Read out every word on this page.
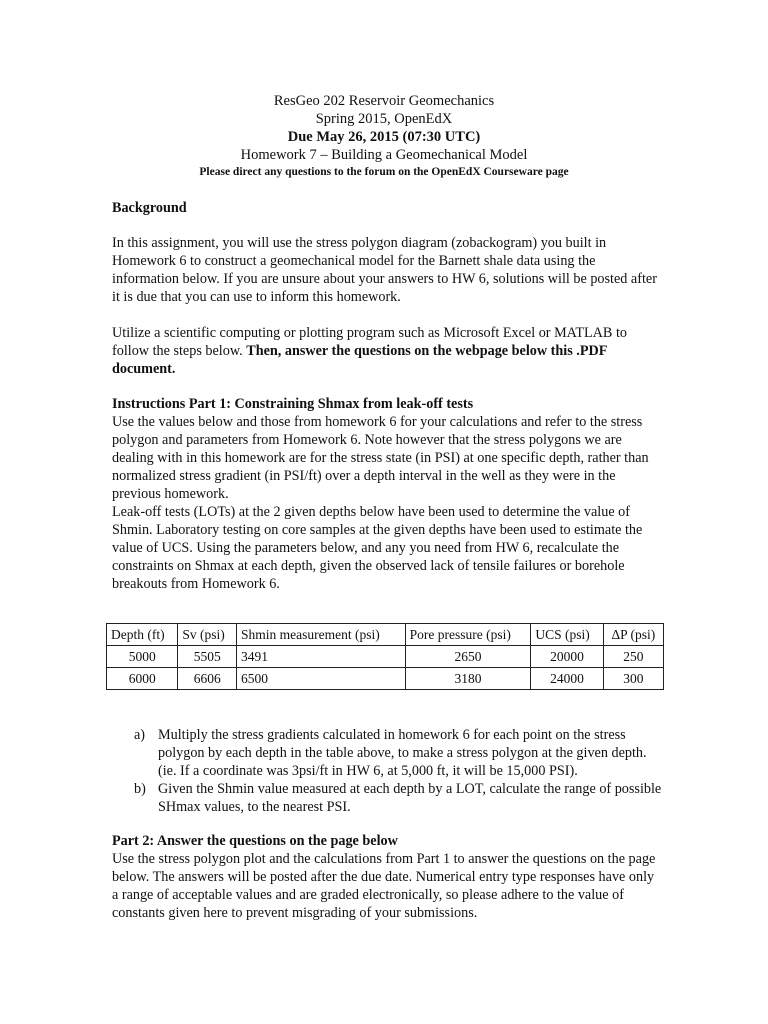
ResGeo 202 Reservoir Geomechanics
Spring 2015, OpenEdX
Due May 26, 2015 (07:30 UTC)
Homework 7 – Building a Geomechanical Model
Please direct any questions to the forum on the OpenEdX Courseware page

Background

In this assignment, you will use the stress polygon diagram (zobackogram) you built in Homework 6 to construct a geomechanical model for the Barnett shale data using the information below. If you are unsure about your answers to HW 6, solutions will be posted after it is due that you can use to inform this homework.

Utilize a scientific computing or plotting program such as Microsoft Excel or MATLAB to follow the steps below. Then, answer the questions on the webpage below this .PDF document.

Instructions Part 1: Constraining Shmax from leak-off tests

Use the values below and those from homework 6 for your calculations and refer to the stress polygon and parameters from Homework 6. Note however that the stress polygons we are dealing with in this homework are for the stress state (in PSI) at one specific depth, rather than normalized stress gradient (in PSI/ft) over a depth interval in the well as they were in the previous homework.

Leak-off tests (LOTs) at the 2 given depths below have been used to determine the value of Shmin. Laboratory testing on core samples at the given depths have been used to estimate the value of UCS. Using the parameters below, and any you need from HW 6, recalculate the constraints on Shmax at each depth, given the observed lack of tensile failures or borehole breakouts from Homework 6.

Depth (ft)	Sv (psi)	Shmin measurement (psi)	Pore pressure (psi)	UCS (psi)	ΔP (psi)
5000	5505	3491	2650	20000	250
6000	6606	6500	3180	24000	300
a) Multiply the stress gradients calculated in homework 6 for each point on the stress polygon by each depth in the table above, to make a stress polygon at the given depth. (ie. If a coordinate was 3psi/ft in HW 6, at 5,000 ft, it will be 15,000 PSI).
b) Given the Shmin value measured at each depth by a LOT, calculate the range of possible SHmax values, to the nearest PSI.

Part 2: Answer the questions on the page below

Use the stress polygon plot and the calculations from Part 1 to answer the questions on the page below. The answers will be posted after the due date. Numerical entry type responses have only a range of acceptable values and are graded electronically, so please adhere to the value of constants given here to prevent misgrading of your submissions.
